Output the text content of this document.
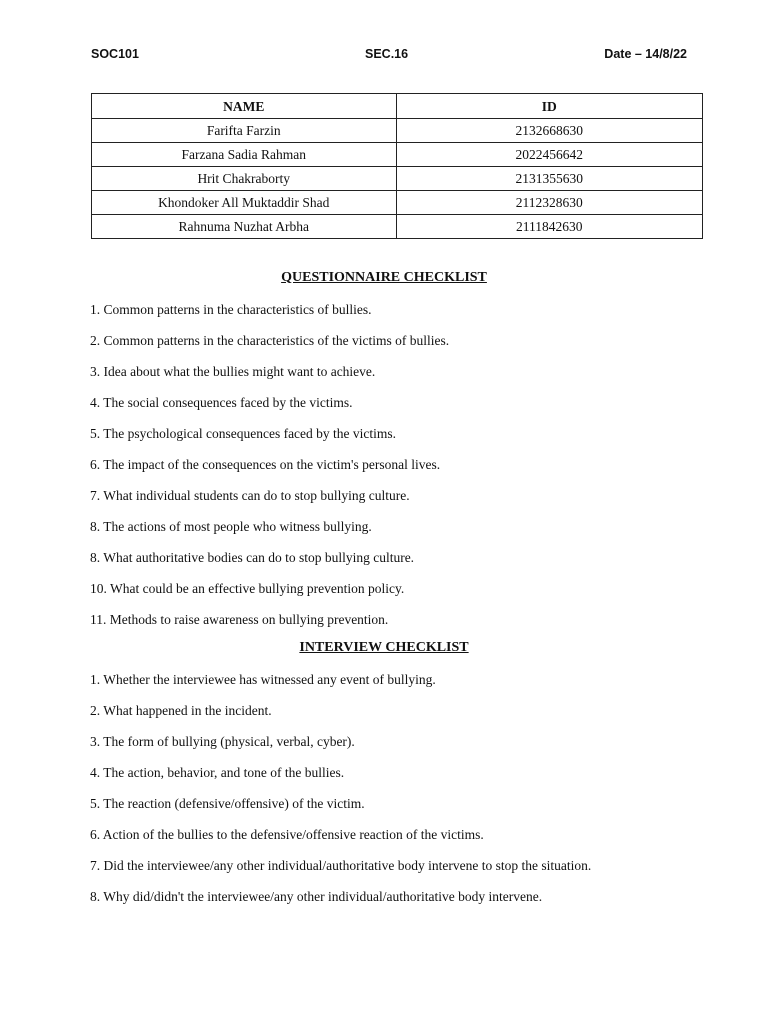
SOC101	SEC.16	Date – 14/8/22
NAME	ID
Farifta Farzin	2132668630
Farzana Sadia Rahman	2022456642
Hrit Chakraborty	2131355630
Khondoker All Muktaddir Shad	2112328630
Rahnuma Nuzhat Arbha	2111842630
QUESTIONNAIRE CHECKLIST
1. Common patterns in the characteristics of bullies.
2. Common patterns in the characteristics of the victims of bullies.
3. Idea about what the bullies might want to achieve.
4. The social consequences faced by the victims.
5. The psychological consequences faced by the victims.
6. The impact of the consequences on the victim's personal lives.
7. What individual students can do to stop bullying culture.
8. The actions of most people who witness bullying.
8. What authoritative bodies can do to stop bullying culture.
10. What could be an effective bullying prevention policy.
11. Methods to raise awareness on bullying prevention.
INTERVIEW CHECKLIST
1. Whether the interviewee has witnessed any event of bullying.
2. What happened in the incident.
3. The form of bullying (physical, verbal, cyber).
4. The action, behavior, and tone of the bullies.
5. The reaction (defensive/offensive) of the victim.
6. Action of the bullies to the defensive/offensive reaction of the victims.
7. Did the interviewee/any other individual/authoritative body intervene to stop the situation.
8. Why did/didn't the interviewee/any other individual/authoritative body intervene.
